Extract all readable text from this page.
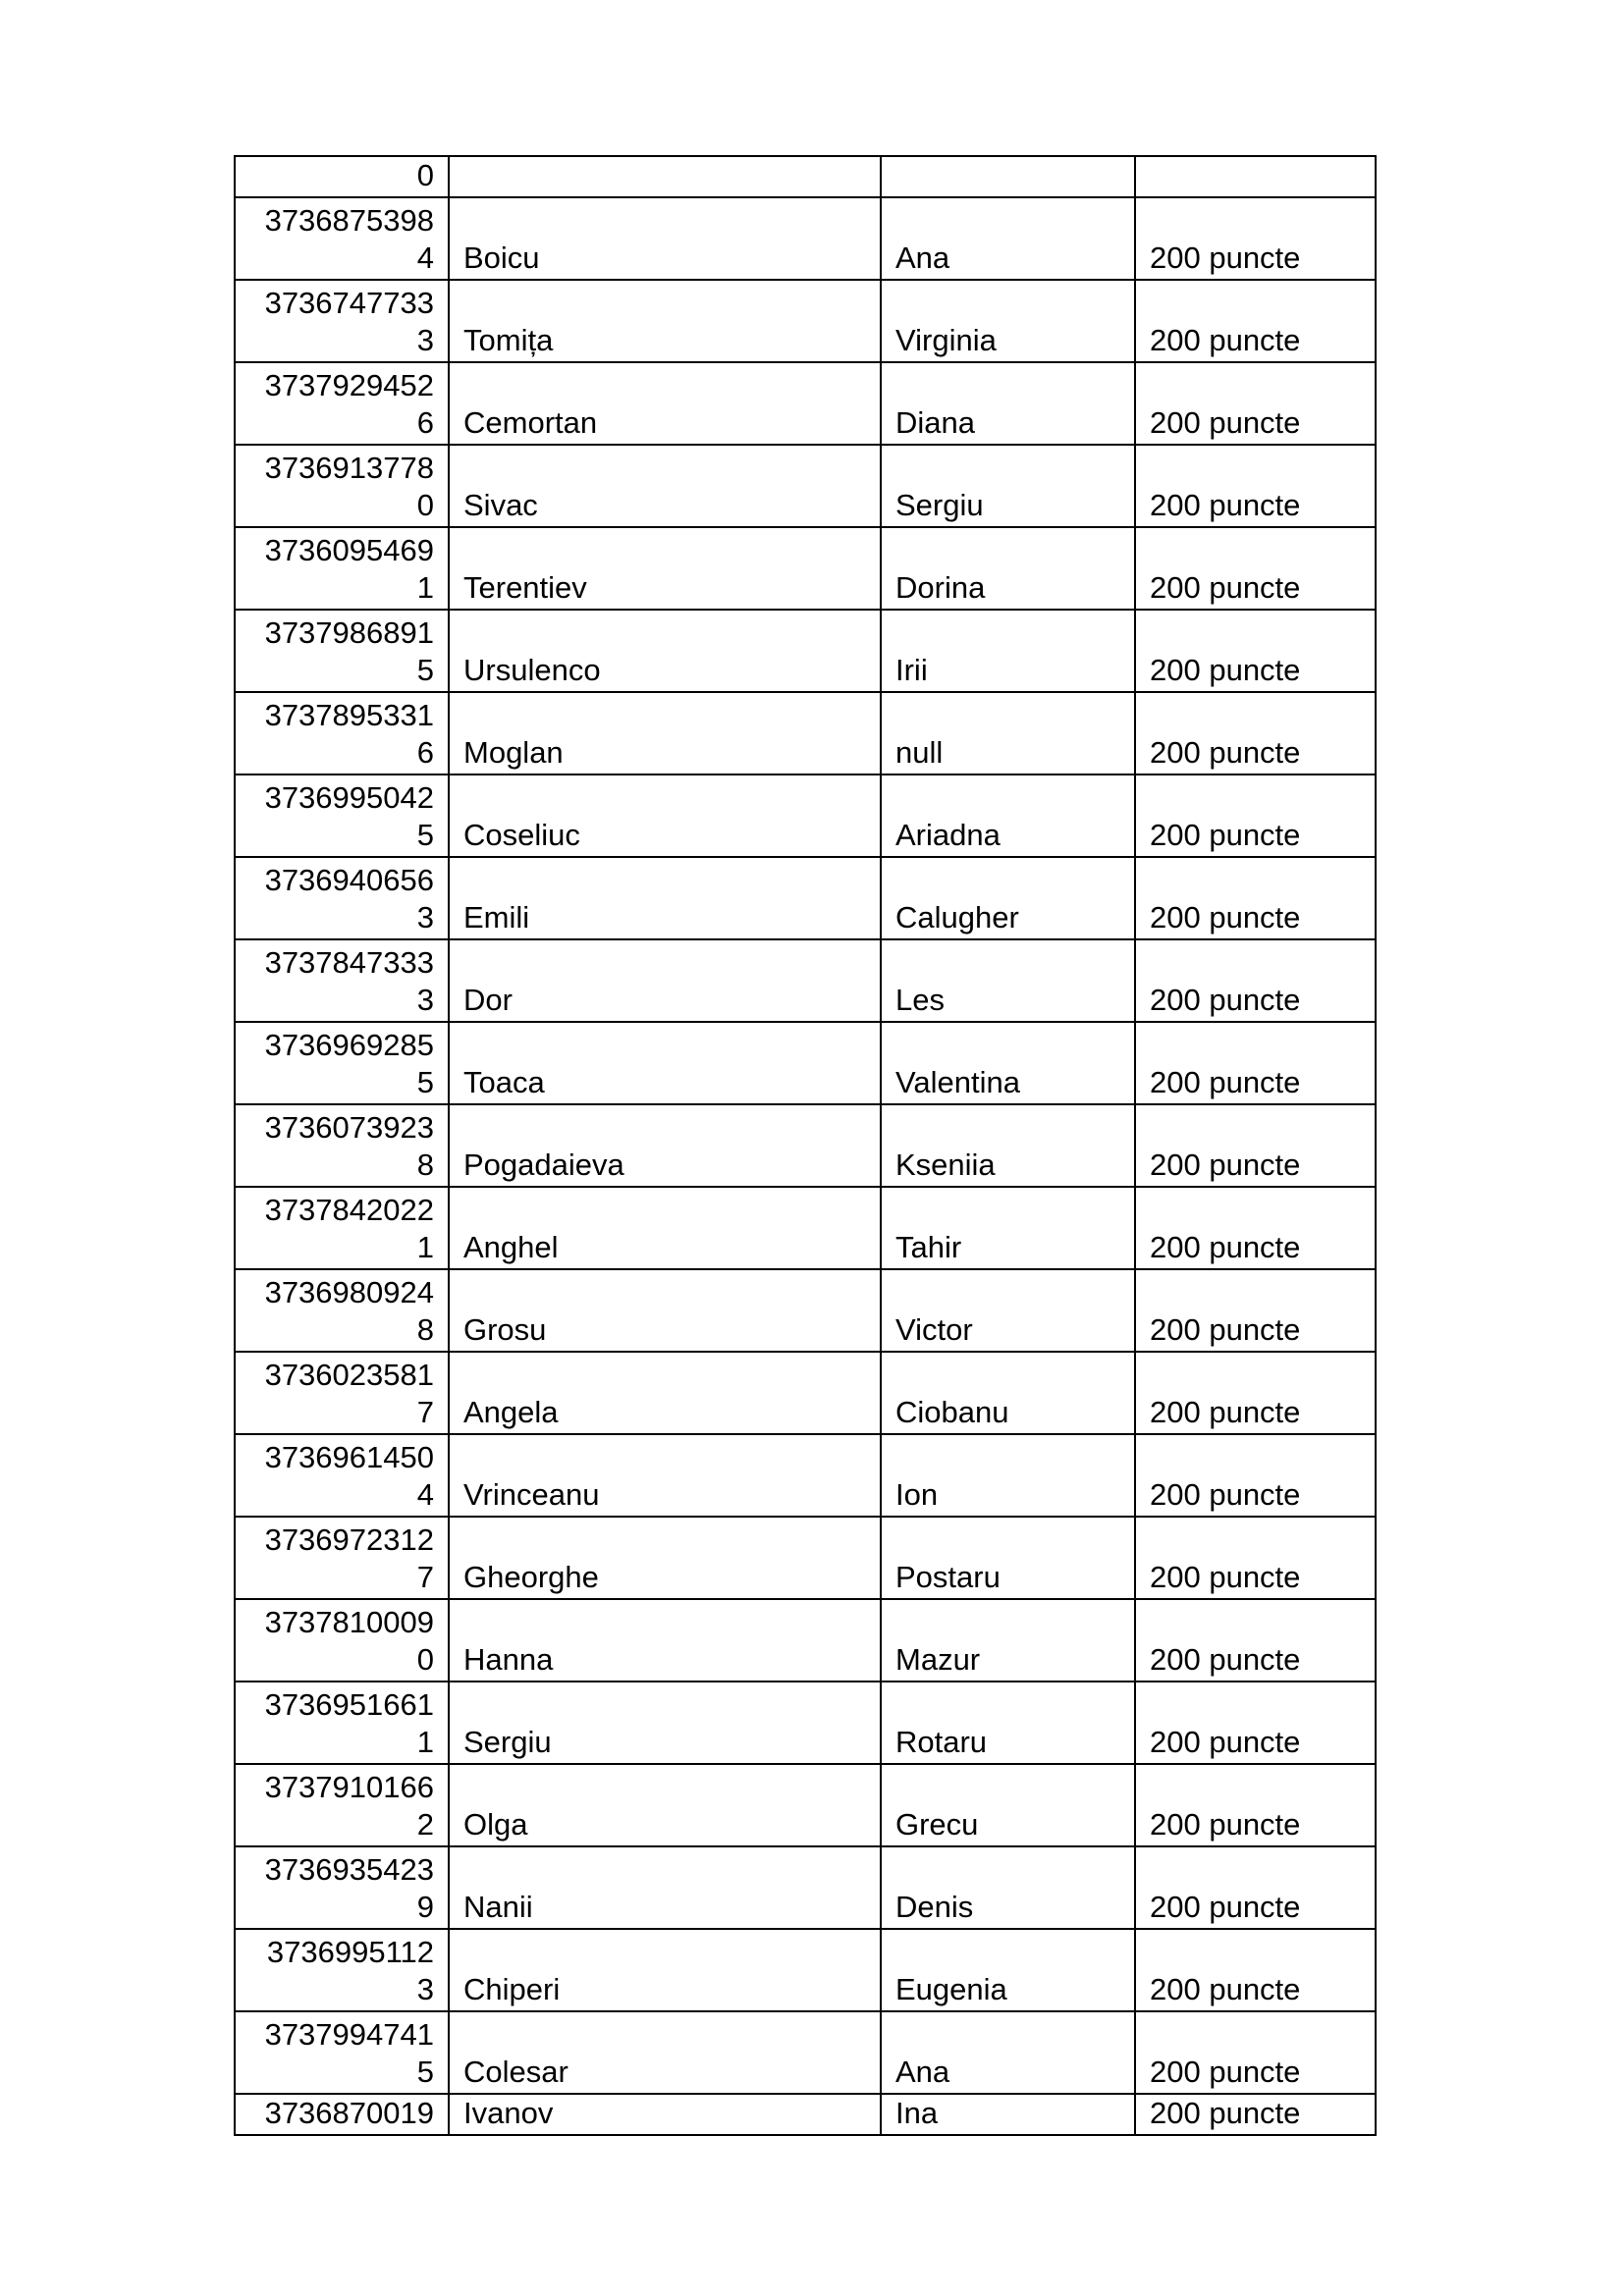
0			

3736875398
4	Boicu	Ana	200 puncte

3736747733
3	Tomița	Virginia	200 puncte

3737929452
6	Cemortan	Diana	200 puncte

3736913778
0	Sivac	Sergiu	200 puncte

3736095469
1	Terentiev	Dorina	200 puncte

3737986891
5	Ursulenco	Irii	200 puncte

3737895331
6	Moglan	null	200 puncte

3736995042
5	Coseliuc	Ariadna	200 puncte

3736940656
3	Emili	Calugher	200 puncte

3737847333
3	Dor	Les	200 puncte

3736969285
5	Toaca	Valentina	200 puncte

3736073923
8	Pogadaieva	Kseniia	200 puncte

3737842022
1	Anghel	Tahir	200 puncte

3736980924
8	Grosu	Victor	200 puncte

3736023581
7	Angela	Ciobanu	200 puncte

3736961450
4	Vrinceanu	Ion	200 puncte

3736972312
7	Gheorghe	Postaru	200 puncte

3737810009
0	Hanna	Mazur	200 puncte

3736951661
1	Sergiu	Rotaru	200 puncte

3737910166
2	Olga	Grecu	200 puncte

3736935423
9	Nanii	Denis	200 puncte

3736995112
3	Chiperi	Eugenia	200 puncte

3737994741
5	Colesar	Ana	200 puncte

3736870019	Ivanov	Ina	200 puncte
